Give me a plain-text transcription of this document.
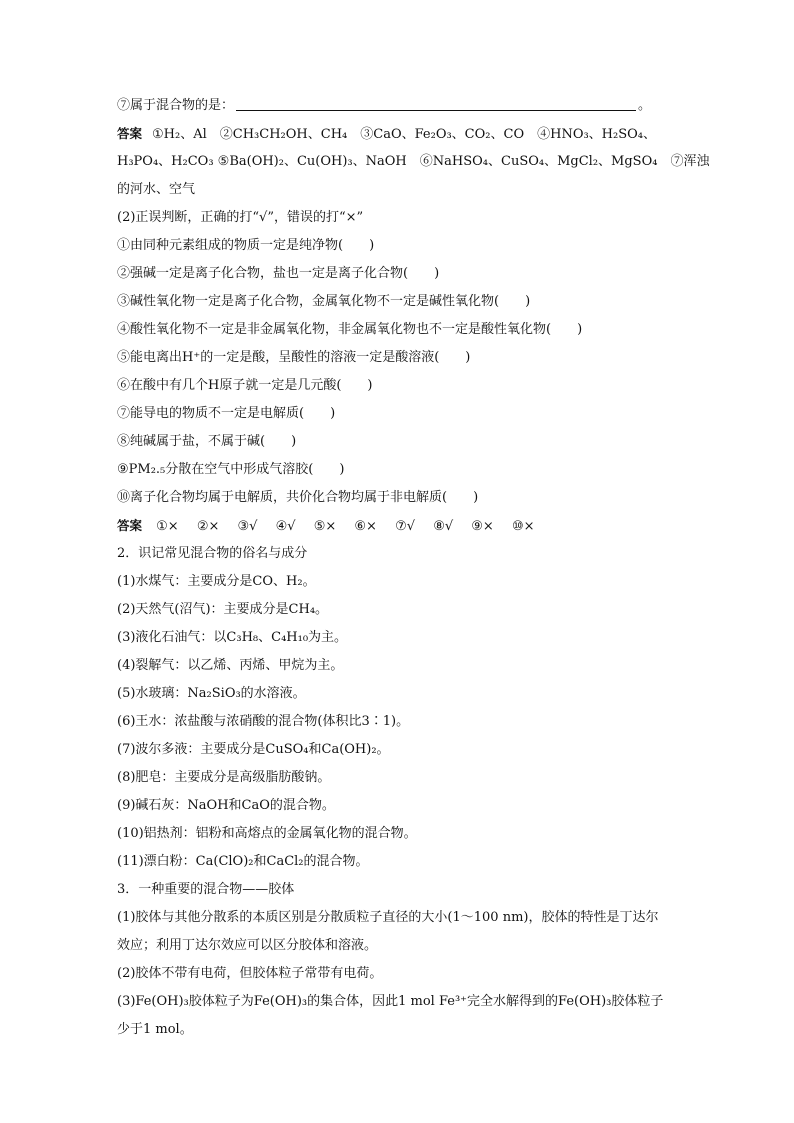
⑦属于混合物的是：	。
答案 ①H₂、Al　②CH₃CH₂OH、CH₄　③CaO、Fe₂O₃、CO₂、CO　④HNO₃、H₂SO₄、
H₃PO₄、H₂CO₃ ⑤Ba(OH)₂、Cu(OH)₃、NaOH　⑥NaHSO₄、CuSO₄、MgCl₂、MgSO₄　⑦浑浊
的河水、空气
(2)正误判断，正确的打“√”，错误的打“×”
①由同种元素组成的物质一定是纯净物(　　)
②强碱一定是离子化合物，盐也一定是离子化合物(　　)
③碱性氧化物一定是离子化合物，金属氧化物不一定是碱性氧化物(　　)
④酸性氧化物不一定是非金属氧化物，非金属氧化物也不一定是酸性氧化物(　　)
⑤能电离出H⁺的一定是酸，呈酸性的溶液一定是酸溶液(　　)
⑥在酸中有几个H原子就一定是几元酸(　　)
⑦能导电的物质不一定是电解质(　　)
⑧纯碱属于盐，不属于碱(　　)
⑨PM₂.₅分散在空气中形成气溶胶(　　)
⑩离子化合物均属于电解质，共价化合物均属于非电解质(　　)
答案 ①× ②× ③√ ④√ ⑤× ⑥× ⑦√ ⑧√ ⑨× ⑩×
2．识记常见混合物的俗名与成分
(1)水煤气：主要成分是CO、H₂。
(2)天然气(沼气)：主要成分是CH₄。
(3)液化石油气：以C₃H₈、C₄H₁₀为主。
(4)裂解气：以乙烯、丙烯、甲烷为主。
(5)水玻璃：Na₂SiO₃的水溶液。
(6)王水：浓盐酸与浓硝酸的混合物(体积比3∶1)。
(7)波尔多液：主要成分是CuSO₄和Ca(OH)₂。
(8)肥皂：主要成分是高级脂肪酸钠。
(9)碱石灰：NaOH和CaO的混合物。
(10)铝热剂：铝粉和高熔点的金属氧化物的混合物。
(11)漂白粉：Ca(ClO)₂和CaCl₂的混合物。
3．一种重要的混合物——胶体
(1)胶体与其他分散系的本质区别是分散质粒子直径的大小(1～100 nm)，胶体的特性是丁达尔
效应；利用丁达尔效应可以区分胶体和溶液。
(2)胶体不带有电荷，但胶体粒子常带有电荷。
(3)Fe(OH)₃胶体粒子为Fe(OH)₃的集合体，因此1 mol Fe³⁺完全水解得到的Fe(OH)₃胶体粒子
少于1 mol。
